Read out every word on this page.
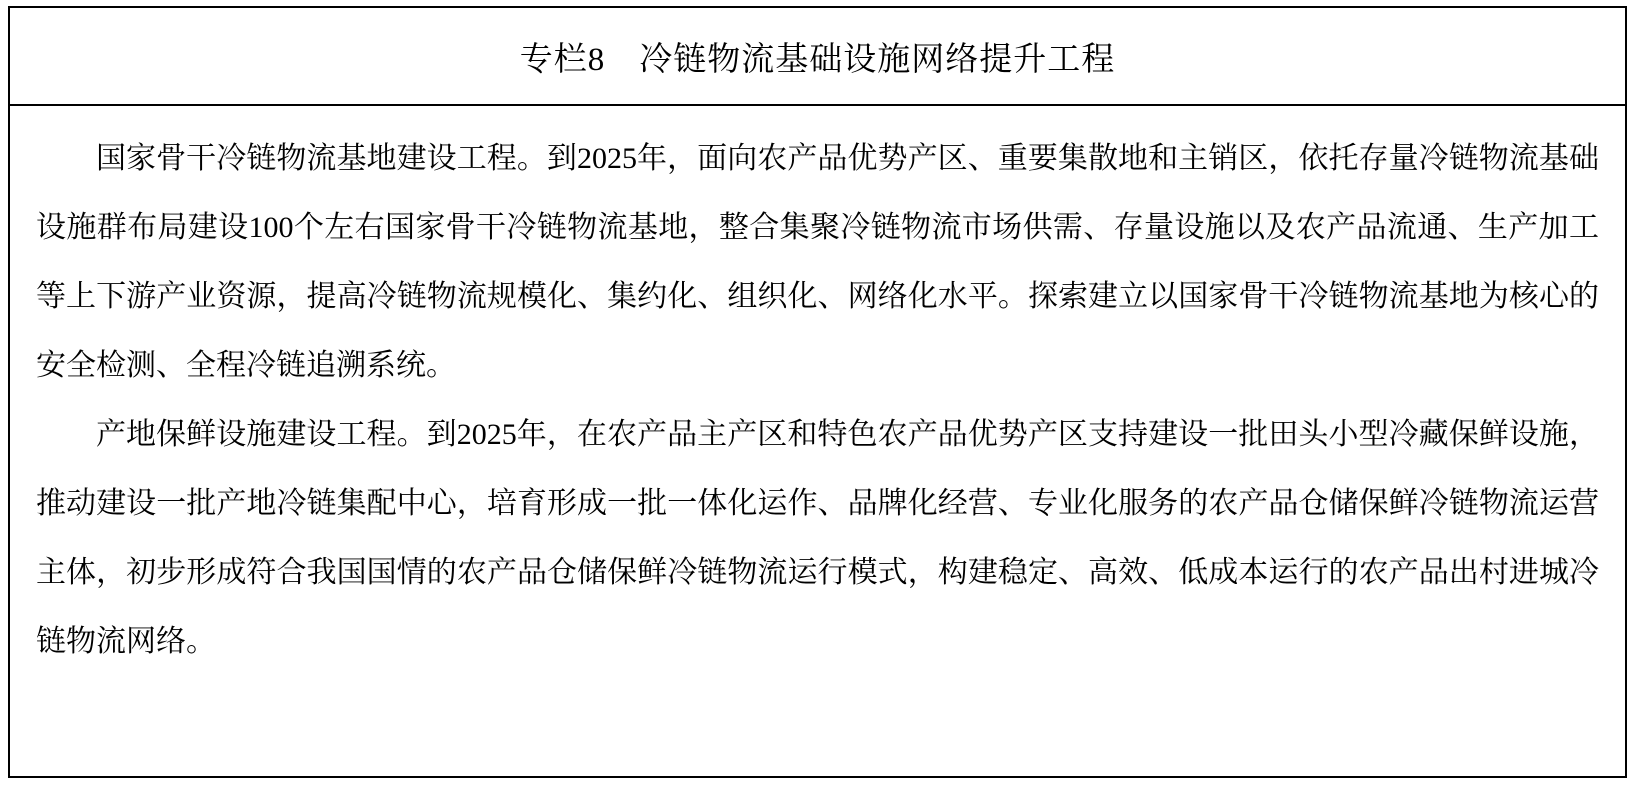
专栏8　冷链物流基础设施网络提升工程

国家骨干冷链物流基地建设工程。到2025年，面向农产品优势产区、重要集散地和主销区，依托存量冷链物流基础设施群布局建设100个左右国家骨干冷链物流基地，整合集聚冷链物流市场供需、存量设施以及农产品流通、生产加工等上下游产业资源，提高冷链物流规模化、集约化、组织化、网络化水平。探索建立以国家骨干冷链物流基地为核心的安全检测、全程冷链追溯系统。

产地保鲜设施建设工程。到2025年，在农产品主产区和特色农产品优势产区支持建设一批田头小型冷藏保鲜设施，推动建设一批产地冷链集配中心，培育形成一批一体化运作、品牌化经营、专业化服务的农产品仓储保鲜冷链物流运营主体，初步形成符合我国国情的农产品仓储保鲜冷链物流运行模式，构建稳定、高效、低成本运行的农产品出村进城冷链物流网络。
